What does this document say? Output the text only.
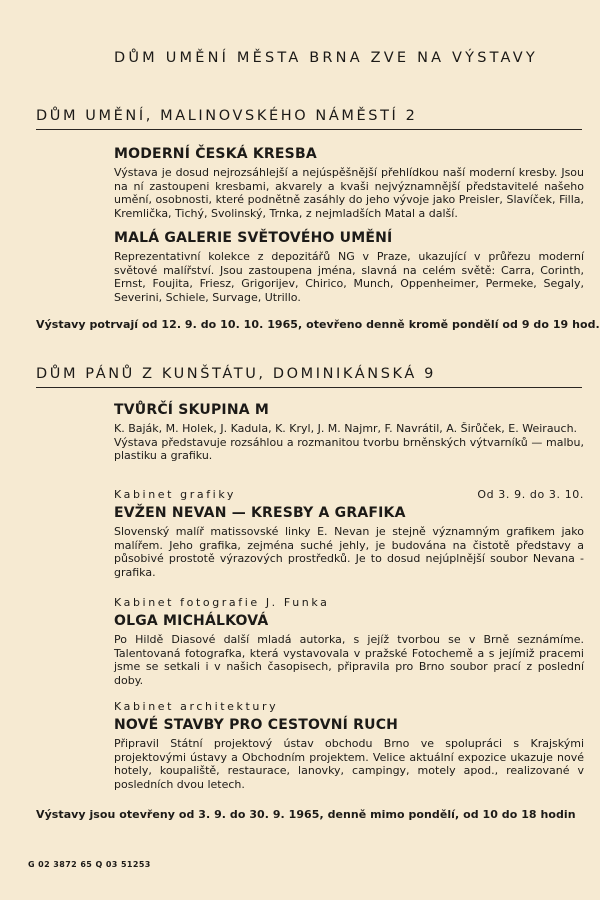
DŮM UMĚNÍ MĚSTA BRNA ZVE NA VÝSTAVY
DŮM UMĚNÍ, MALINOVSKÉHO NÁMĚSTÍ 2
MODERNÍ ČESKÁ KRESBA

Výstava je dosud nejrozsáhlejší a nejúspěšnější přehlídkou naší moderní kresby. Jsou na ní zastoupeni kresbami, akvarely a kvaši nejvýznamnější představitelé našeho umění, osobnosti, které podnětně zasáhly do jeho vývoje jako Preisler, Slavíček, Filla, Kremlička, Tichý, Svolinský, Trnka, z nejmladších Matal a další.

MALÁ GALERIE SVĚTOVÉHO UMĚNÍ

Reprezentativní kolekce z depozitářů NG v Praze, ukazující v průřezu moderní světové malířství. Jsou zastoupena jména, slavná na celém světě: Carra, Corinth, Ernst, Foujita, Friesz, Grigorijev, Chirico, Munch, Oppenheimer, Permeke, Segaly, Severini, Schiele, Survage, Utrillo.

Výstavy potrvají od 12. 9. do 10. 10. 1965, otevřeno denně kromě pondělí od 9 do 19 hod.
DŮM PÁNŮ Z KUNŠTÁTU, DOMINIKÁNSKÁ 9
TVŮRČÍ SKUPINA M

K. Baják, M. Holek, J. Kadula, K. Kryl, J. M. Najmr, F. Navrátil, A. Širůček, E. Weirauch.

Výstava představuje rozsáhlou a rozmanitou tvorbu brněnských výtvarníků — malbu, plastiku a grafiku.

Kabinet grafiky	Od 3. 9. do 3. 10.
EVŽEN NEVAN — KRESBY A GRAFIKA

Slovenský malíř matissovské linky E. Nevan je stejně významným grafikem jako malířem. Jeho grafika, zejména suché jehly, je budována na čistotě představy a působivé prostotě výrazových prostředků. Je to dosud nejúplnější soubor Nevana - grafika.

Kabinet fotografie J. Funka
OLGA MICHÁLKOVÁ

Po Hildě Diasové další mladá autorka, s jejíž tvorbou se v Brně seznámíme. Talentovaná fotografka, která vystavovala v pražské Fotochemě a s jejímiž pracemi jsme se setkali i v našich časopisech, připravila pro Brno soubor prací z poslední doby.

Kabinet architektury
NOVÉ STAVBY PRO CESTOVNÍ RUCH

Připravil Státní projektový ústav obchodu Brno ve spolupráci s Krajskými projektovými ústavy a Obchodním projektem. Velice aktuální expozice ukazuje nové hotely, koupaliště, restaurace, lanovky, campingy, motely apod., realizované v posledních dvou letech.

Výstavy jsou otevřeny od 3. 9. do 30. 9. 1965, denně mimo pondělí, od 10 do 18 hodin
G 02 3872 65 Q 03 51253
